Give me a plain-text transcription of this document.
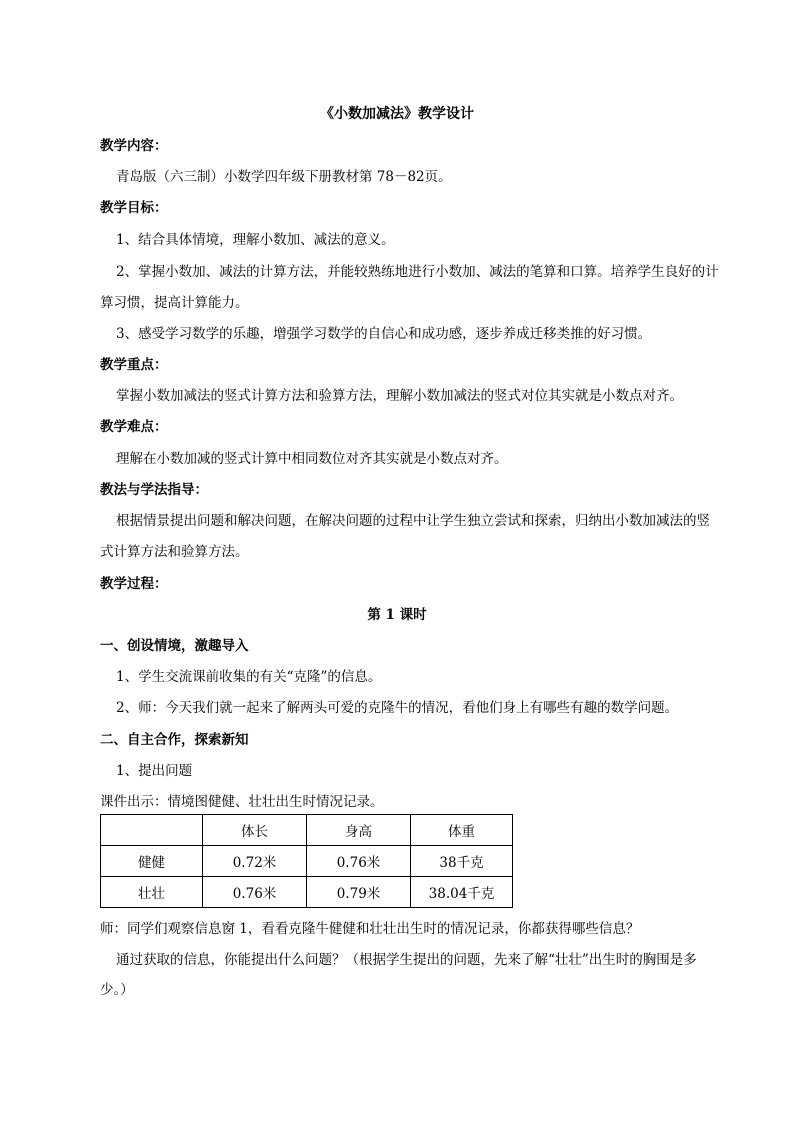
《小数加减法》教学设计
教学内容：
青岛版（六三制）小数学四年级下册教材第 78－82页。
教学目标：
1、结合具体情境，理解小数加、减法的意义。
2、掌握小数加、减法的计算方法，并能较熟练地进行小数加、减法的笔算和口算。培养学生良好的计
算习惯，提高计算能力。
3、感受学习数学的乐趣，增强学习数学的自信心和成功感，逐步养成迁移类推的好习惯。
教学重点：
掌握小数加减法的竖式计算方法和验算方法，理解小数加减法的竖式对位其实就是小数点对齐。
教学难点：
理解在小数加减的竖式计算中相同数位对齐其实就是小数点对齐。
教法与学法指导：
根据情景提出问题和解决问题，在解决问题的过程中让学生独立尝试和探索，归纳出小数加减法的竖
式计算方法和验算方法。
教学过程：
第 1 课时
一、创设情境，激趣导入
1、学生交流课前收集的有关“克隆”的信息。
2、师：今天我们就一起来了解两头可爱的克隆牛的情况，看他们身上有哪些有趣的数学问题。
二、自主合作，探索新知
1、提出问题
课件出示：情境图健健、壮壮出生时情况记录。
	体长	身高	体重
健健	0.72米	0.76米	38千克
壮壮	0.76米	0.79米	38.04千克
师：同学们观察信息窗 1，看看克隆牛健健和壮壮出生时的情况记录，你都获得哪些信息？
通过获取的信息，你能提出什么问题？（根据学生提出的问题，先来了解“壮壮”出生时的胸围是多
少。）
